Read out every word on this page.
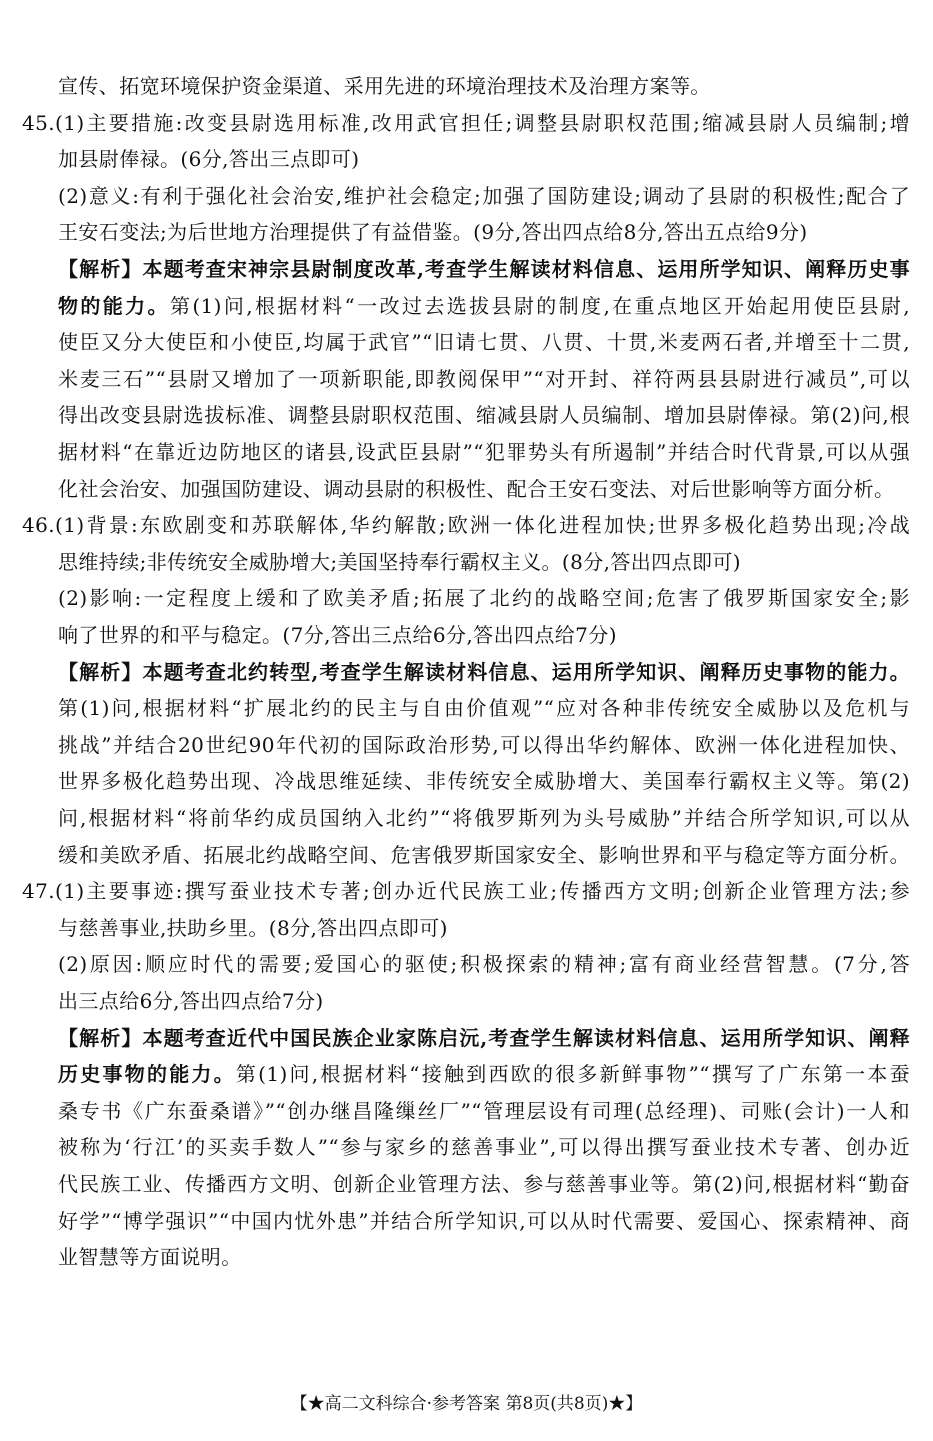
宣传、拓宽环境保护资金渠道、采用先进的环境治理技术及治理方案等。
45.(1)主要措施:改变县尉选用标准,改用武官担任;调整县尉职权范围;缩减县尉人员编制;增
加县尉俸禄。(6分,答出三点即可)
(2)意义:有利于强化社会治安,维护社会稳定;加强了国防建设;调动了县尉的积极性;配合了
王安石变法;为后世地方治理提供了有益借鉴。(9分,答出四点给8分,答出五点给9分)
【解析】本题考查宋神宗县尉制度改革,考查学生解读材料信息、运用所学知识、阐释历史事
物的能力。第(1)问,根据材料“一改过去选拔县尉的制度,在重点地区开始起用使臣县尉,
使臣又分大使臣和小使臣,均属于武官”“旧请七贯、八贯、十贯,米麦两石者,并增至十二贯,
米麦三石”“县尉又增加了一项新职能,即教阅保甲”“对开封、祥符两县县尉进行减员”,可以
得出改变县尉选拔标准、调整县尉职权范围、缩减县尉人员编制、增加县尉俸禄。第(2)问,根
据材料“在靠近边防地区的诸县,设武臣县尉”“犯罪势头有所遏制”并结合时代背景,可以从强
化社会治安、加强国防建设、调动县尉的积极性、配合王安石变法、对后世影响等方面分析。
46.(1)背景:东欧剧变和苏联解体,华约解散;欧洲一体化进程加快;世界多极化趋势出现;冷战
思维持续;非传统安全威胁增大;美国坚持奉行霸权主义。(8分,答出四点即可)
(2)影响:一定程度上缓和了欧美矛盾;拓展了北约的战略空间;危害了俄罗斯国家安全;影
响了世界的和平与稳定。(7分,答出三点给6分,答出四点给7分)
【解析】本题考查北约转型,考查学生解读材料信息、运用所学知识、阐释历史事物的能力。
第(1)问,根据材料“扩展北约的民主与自由价值观”“应对各种非传统安全威胁以及危机与
挑战”并结合20世纪90年代初的国际政治形势,可以得出华约解体、欧洲一体化进程加快、
世界多极化趋势出现、冷战思维延续、非传统安全威胁增大、美国奉行霸权主义等。第(2)
问,根据材料“将前华约成员国纳入北约”“将俄罗斯列为头号威胁”并结合所学知识,可以从
缓和美欧矛盾、拓展北约战略空间、危害俄罗斯国家安全、影响世界和平与稳定等方面分析。
47.(1)主要事迹:撰写蚕业技术专著;创办近代民族工业;传播西方文明;创新企业管理方法;参
与慈善事业,扶助乡里。(8分,答出四点即可)
(2)原因:顺应时代的需要;爱国心的驱使;积极探索的精神;富有商业经营智慧。(7分,答
出三点给6分,答出四点给7分)
【解析】本题考查近代中国民族企业家陈启沅,考查学生解读材料信息、运用所学知识、阐释
历史事物的能力。第(1)问,根据材料“接触到西欧的很多新鲜事物”“撰写了广东第一本蚕
桑专书《广东蚕桑谱》”“创办继昌隆缫丝厂”“管理层设有司理(总经理)、司账(会计)一人和
被称为‘行江’的买卖手数人”“参与家乡的慈善事业”,可以得出撰写蚕业技术专著、创办近
代民族工业、传播西方文明、创新企业管理方法、参与慈善事业等。第(2)问,根据材料“勤奋
好学”“博学强识”“中国内忧外患”并结合所学知识,可以从时代需要、爱国心、探索精神、商
业智慧等方面说明。
【★高二文科综合·参考答案 第8页(共8页)★】
